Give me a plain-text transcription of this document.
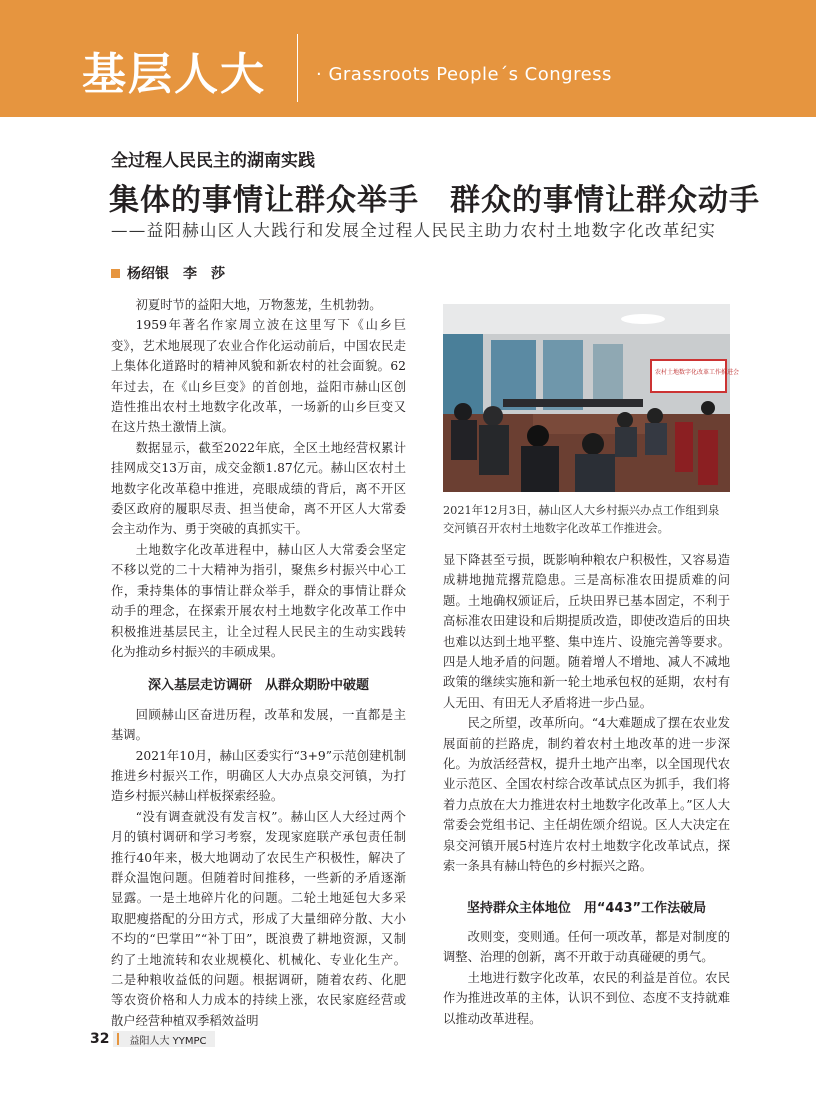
基层人大	· Grassroots People´s Congress
全过程人民民主的湖南实践
集体的事情让群众举手　群众的事情让群众动手
——益阳赫山区人大践行和发展全过程人民民主助力农村土地数字化改革纪实
杨绍银　李　莎

初夏时节的益阳大地，万物葱茏，生机勃勃。

1959年著名作家周立波在这里写下《山乡巨变》，艺术地展现了农业合作化运动前后，中国农民走上集体化道路时的精神风貌和新农村的社会面貌。62年过去，在《山乡巨变》的首创地，益阳市赫山区创造性推出农村土地数字化改革，一场新的山乡巨变又在这片热土激情上演。

数据显示，截至2022年底，全区土地经营权累计挂网成交13万亩，成交金额1.87亿元。赫山区农村土地数字化改革稳中推进，亮眼成绩的背后，离不开区委区政府的履职尽责、担当使命，离不开区人大常委会主动作为、勇于突破的真抓实干。

土地数字化改革进程中，赫山区人大常委会坚定不移以党的二十大精神为指引，聚焦乡村振兴中心工作，秉持集体的事情让群众举手，群众的事情让群众动手的理念，在探索开展农村土地数字化改革工作中积极推进基层民主，让全过程人民民主的生动实践转化为推动乡村振兴的丰硕成果。

深入基层走访调研　从群众期盼中破题

回顾赫山区奋进历程，改革和发展，一直都是主基调。

2021年10月，赫山区委实行“3+9”示范创建机制推进乡村振兴工作，明确区人大办点泉交河镇，为打造乡村振兴赫山样板探索经验。

“没有调查就没有发言权”。赫山区人大经过两个月的镇村调研和学习考察，发现家庭联产承包责任制推行40年来，极大地调动了农民生产积极性，解决了群众温饱问题。但随着时间推移，一些新的矛盾逐渐显露。一是土地碎片化的问题。二轮土地延包大多采取肥瘦搭配的分田方式，形成了大量细碎分散、大小不均的“巴掌田”“补丁田”，既浪费了耕地资源，又制约了土地流转和农业规模化、机械化、专业化生产。二是种粮收益低的问题。根据调研，随着农药、化肥等农资价格和人力成本的持续上涨，农民家庭经营或散户经营种植双季稻效益明

农村土地数字化改革工作推进会
2021年12月3日，赫山区人大乡村振兴办点工作组到泉交河镇召开农村土地数字化改革工作推进会。

显下降甚至亏损，既影响种粮农户积极性，又容易造成耕地抛荒撂荒隐患。三是高标准农田提质难的问题。土地确权颁证后，丘块田界已基本固定，不利于高标准农田建设和后期提质改造，即使改造后的田块也难以达到土地平整、集中连片、设施完善等要求。四是人地矛盾的问题。随着增人不增地、减人不减地政策的继续实施和新一轮土地承包权的延期，农村有人无田、有田无人矛盾将进一步凸显。

民之所望，改革所向。“4大难题成了摆在农业发展面前的拦路虎，制约着农村土地改革的进一步深化。为放活经营权，提升土地产出率，以全国现代农业示范区、全国农村综合改革试点区为抓手，我们将着力点放在大力推进农村土地数字化改革上。”区人大常委会党组书记、主任胡佐颂介绍说。区人大决定在泉交河镇开展5村连片农村土地数字化改革试点，探索一条具有赫山特色的乡村振兴之路。

坚持群众主体地位　用“443”工作法破局

改则变，变则通。任何一项改革，都是对制度的调整、治理的创新，离不开敢于动真碰硬的勇气。

土地进行数字化改革，农民的利益是首位。农民作为推进改革的主体，认识不到位、态度不支持就难以推动改革进程。

32	益阳人大 YYMPC
